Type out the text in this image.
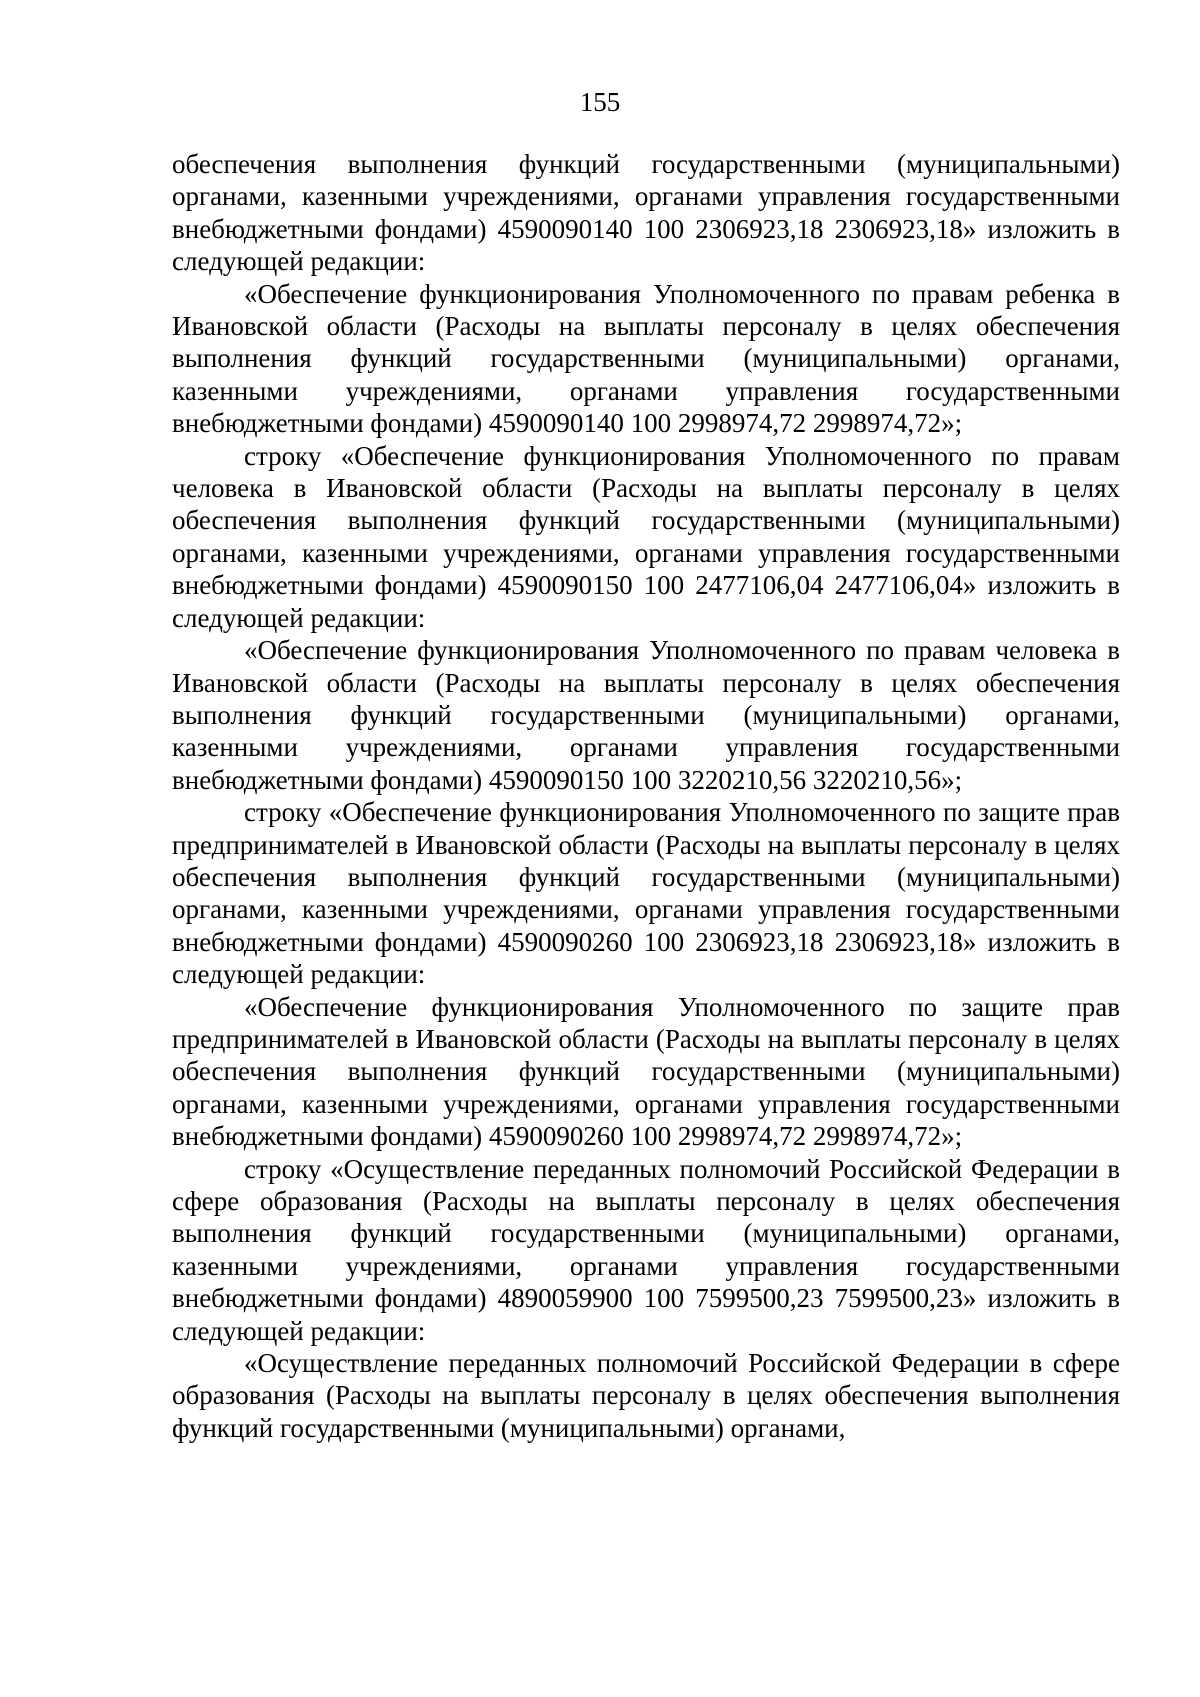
155

обеспечения выполнения функций государственными (муниципальными) органами, казенными учреждениями, органами управления государственными внебюджетными фондами) 4590090140 100 2306923,18 2306923,18» изложить в следующей редакции:

«Обеспечение функционирования Уполномоченного по правам ребенка в Ивановской области (Расходы на выплаты персоналу в целях обеспечения выполнения функций государственными (муниципальными) органами, казенными учреждениями, органами управления государственными внебюджетными фондами) 4590090140 100 2998974,72 2998974,72»;

строку «Обеспечение функционирования Уполномоченного по правам человека в Ивановской области (Расходы на выплаты персоналу в целях обеспечения выполнения функций государственными (муниципальными) органами, казенными учреждениями, органами управления государственными внебюджетными фондами) 4590090150 100 2477106,04 2477106,04» изложить в следующей редакции:

«Обеспечение функционирования Уполномоченного по правам человека в Ивановской области (Расходы на выплаты персоналу в целях обеспечения выполнения функций государственными (муниципальными) органами, казенными учреждениями, органами управления государственными внебюджетными фондами) 4590090150 100 3220210,56 3220210,56»;

строку «Обеспечение функционирования Уполномоченного по защите прав предпринимателей в Ивановской области (Расходы на выплаты персоналу в целях обеспечения выполнения функций государственными (муниципальными) органами, казенными учреждениями, органами управления государственными внебюджетными фондами) 4590090260 100 2306923,18 2306923,18» изложить в следующей редакции:

«Обеспечение функционирования Уполномоченного по защите прав предпринимателей в Ивановской области (Расходы на выплаты персоналу в целях обеспечения выполнения функций государственными (муниципальными) органами, казенными учреждениями, органами управления государственными внебюджетными фондами) 4590090260 100 2998974,72 2998974,72»;

строку «Осуществление переданных полномочий Российской Федерации в сфере образования (Расходы на выплаты персоналу в целях обеспечения выполнения функций государственными (муниципальными) органами, казенными учреждениями, органами управления государственными внебюджетными фондами) 4890059900 100 7599500,23 7599500,23» изложить в следующей редакции:

«Осуществление переданных полномочий Российской Федерации в сфере образования (Расходы на выплаты персоналу в целях обеспечения выполнения функций государственными (муниципальными) органами,
